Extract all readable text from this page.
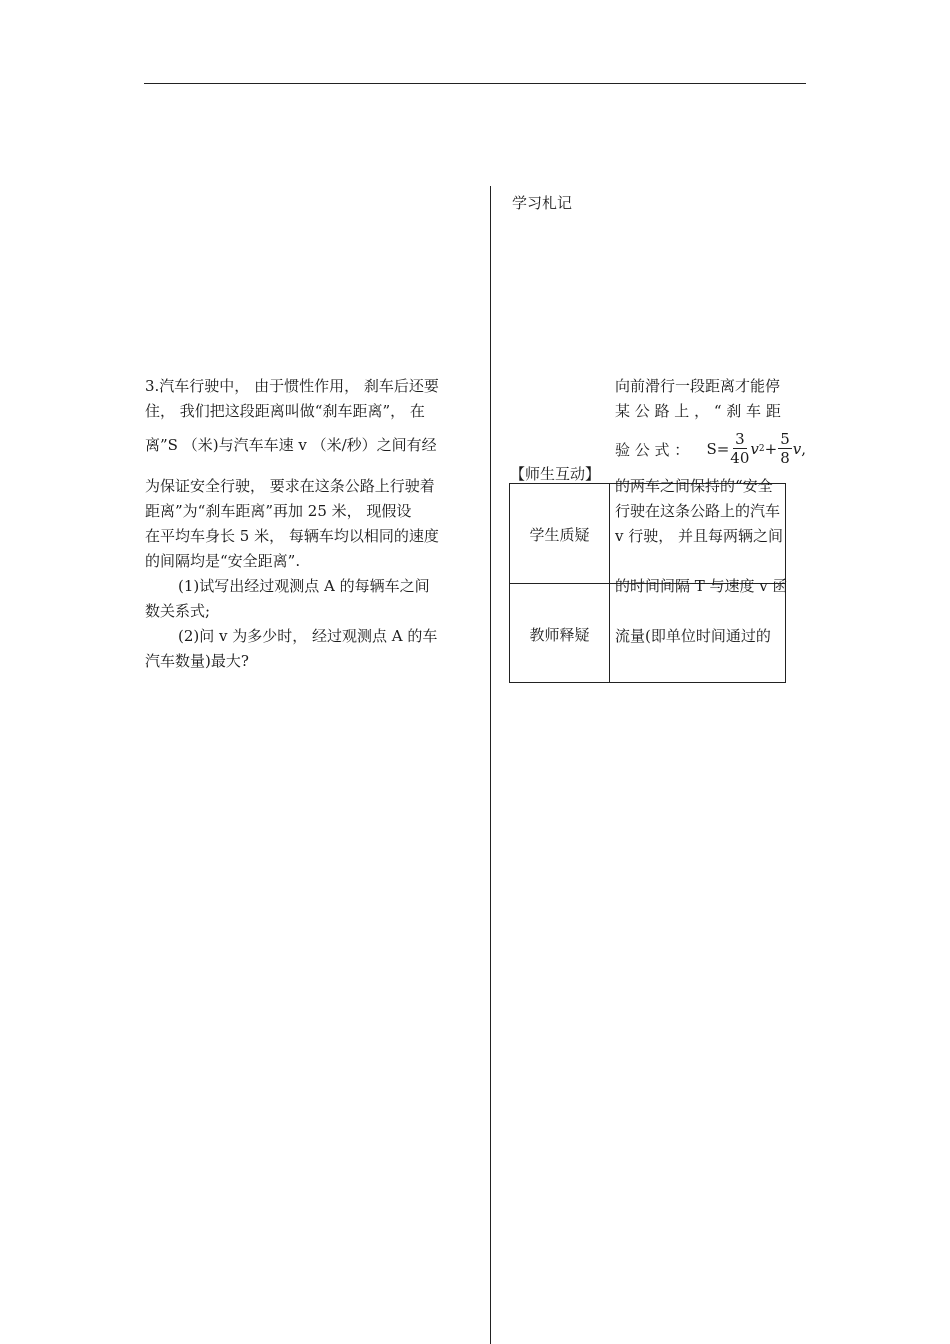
学习札记
3.汽车行驶中， 由于惯性作用， 刹车后还要
住， 我们把这段距离叫做“刹车距离”， 在
离”S （米)与汽车车速 v （米/秒）之间有经
为保证安全行驶， 要求在这条公路上行驶着
距离”为“刹车距离”再加 25 米， 现假设
在平均车身长 5 米， 每辆车均以相同的速度
的间隔均是“安全距离”.
(1)试写出经过观测点 A 的每辆车之间
数关系式;
(2)问 v 为多少时， 经过观测点 A 的车
汽车数量)最大?
【师生互动】
学生质疑
教师释疑
向前滑行一段距离才能停
某 公 路 上 ， “ 刹 车 距
验 公 式 ： $S= \frac{3}{40}$ v $2 + \frac{5}{8}$ v ,
的两车之间保持的“安全
行驶在这条公路上的汽车
v 行驶， 并且每两辆之间
的时间间隔 T 与速度 v 函
流量(即单位时间通过的
